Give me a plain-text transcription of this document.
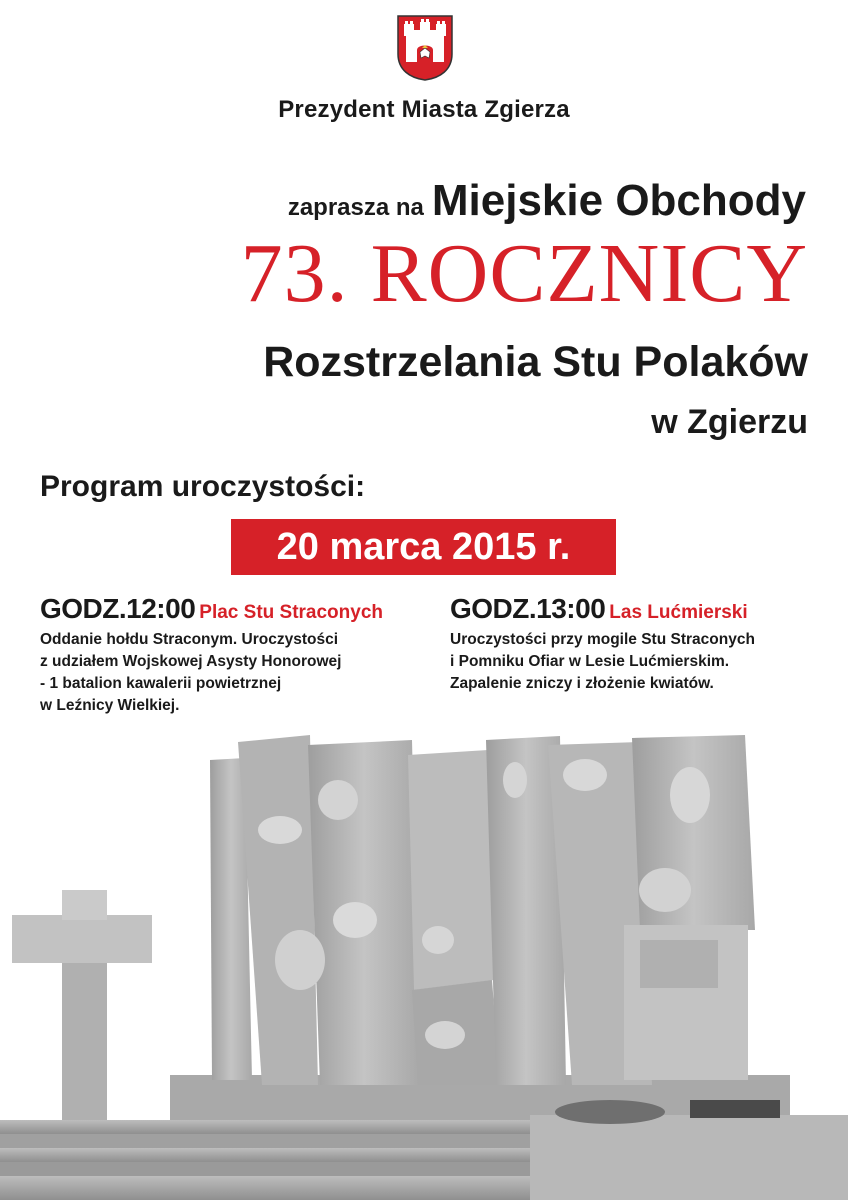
Prezydent Miasta Zgierza
zaprasza na Miejskie Obchody
73. ROCZNICY
Rozstrzelania Stu Polaków
w Zgierzu
Program uroczystości:
20 marca 2015 r.
GODZ.12:00 Plac Stu Straconych
Oddanie hołdu Straconym. Uroczystości
z udziałem Wojskowej Asysty Honorowej
- 1 batalion kawalerii powietrznej
w Leźnicy Wielkiej.
GODZ.13:00 Las Lućmierski
Uroczystości przy mogile Stu Straconych
i Pomniku Ofiar w Lesie Lućmierskim.
Zapalenie zniczy i złożenie kwiatów.
